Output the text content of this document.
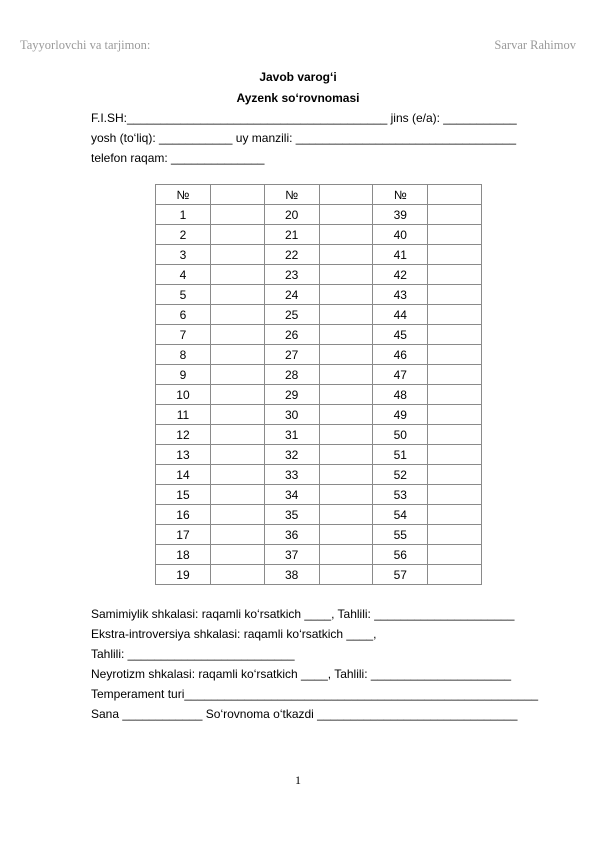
Tayyorlovchi va tarjimon:	Sarvar Rahimov
Javob varog‘i
Ayzenk so‘rovnomasi
F.I.SH:_______________________________________ jins (e/a): ___________
yosh (to‘liq): ___________ uy manzili: _________________________________
telefon raqam: ______________
№		№		№	
1		20		39	
2		21		40	
3		22		41	
4		23		42	
5		24		43	
6		25		44	
7		26		45	
8		27		46	
9		28		47	
10		29		48	
11		30		49	
12		31		50	
13		32		51	
14		33		52	
15		34		53	
16		35		54	
17		36		55	
18		37		56	
19		38		57	
Samimiylik shkalasi: raqamli ko‘rsatkich ____, Tahlili: _____________________
Ekstra-introversiya shkalasi: raqamli ko‘rsatkich ____,
Tahlili: _________________________
Neyrotizm shkalasi: raqamli ko‘rsatkich ____, Tahlili: _____________________
Temperament turi_____________________________________________________
Sana ____________ So‘rovnoma o‘tkazdi ______________________________
1
